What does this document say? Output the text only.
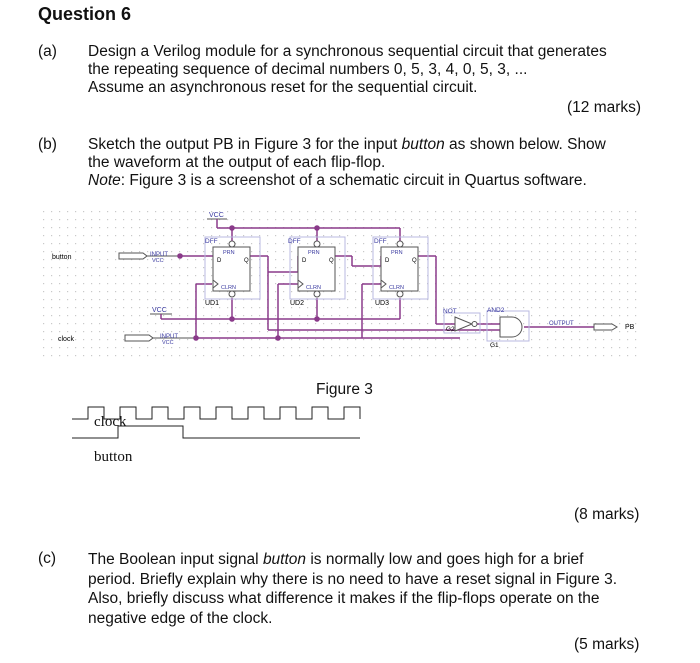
Question 6
(a) Design a Verilog module for a synchronous sequential circuit that generates
the repeating sequence of decimal numbers 0, 5, 3, 4, 0, 5, 3, ...
Assume an asynchronous reset for the sequential circuit.
(12 marks)
(b) Sketch the output PB in Figure 3 for the input button as shown below. Show
the waveform at the output of each flip-flop.
Note: Figure 3 is a screenshot of a schematic circuit in Quartus software.
button	INPUT
VCC
clock	INPUT
VCC
VCC
VCC
DFF
PRN
D	Q
CLRN
UD1
DFF
PRN
D	Q
CLRN
UD2
DFF
PRN
D	Q
CLRN
UD3
NOT
G2
AND2
G1
OUTPUT	PB
Figure 3
clock
button
(8 marks)
(c) The Boolean input signal button is normally low and goes high for a brief
period. Briefly explain why there is no need to have a reset signal in Figure 3.
Also, briefly discuss what difference it makes if the flip-flops operate on the
negative edge of the clock.
(5 marks)
